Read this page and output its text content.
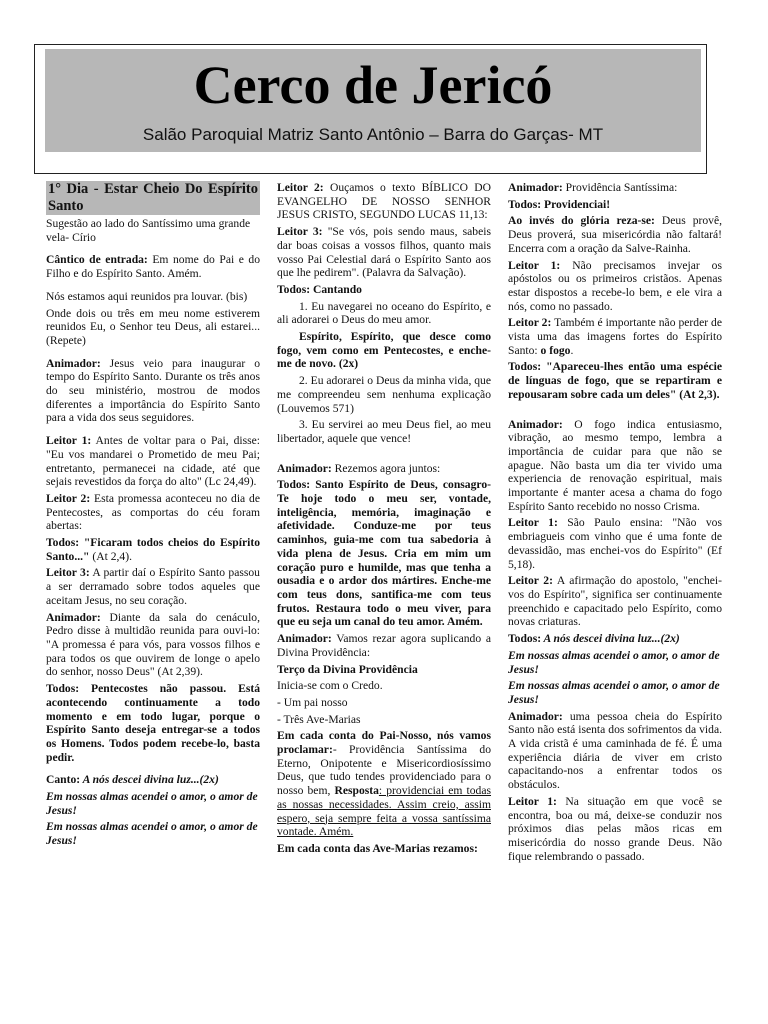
Cerco de Jericó
Salão Paroquial Matriz Santo Antônio – Barra do Garças- MT

1° Dia - Estar Cheio Do Espírito Santo

Sugestão ao lado do Santíssimo uma grande vela- Círio

Cântico de entrada: Em nome do Pai e do Filho e do Espírito Santo. Amém.

Nós estamos aqui reunidos pra louvar. (bis)

Onde dois ou três em meu nome estiverem reunidos Eu, o Senhor teu Deus, ali estarei... (Repete)

Animador: Jesus veio para inaugurar o tempo do Espírito Santo. Durante os três anos do seu ministério, mostrou de modos diferentes a importância do Espírito Santo para a vida dos seus seguidores.

Leitor 1: Antes de voltar para o Pai, disse: "Eu vos mandarei o Prometido de meu Pai; entretanto, permanecei na cidade, até que sejais revestidos da força do alto" (Lc 24,49).

Leitor 2: Esta promessa aconteceu no dia de Pentecostes, as comportas do céu foram abertas:

Todos: "Ficaram todos cheios do Espírito Santo..." (At 2,4).

Leitor 3: A partir daí o Espírito Santo passou a ser derramado sobre todos aqueles que aceitam Jesus, no seu coração.

Animador: Diante da sala do cenáculo, Pedro disse à multidão reunida para ouvi-lo: "A promessa é para vós, para vossos filhos e para todos os que ouvirem de longe o apelo do senhor, nosso Deus" (At 2,39).

Todos: Pentecostes não passou. Está acontecendo continuamente a todo momento e em todo lugar, porque o Espírito Santo deseja entregar-se a todos os Homens. Todos podem recebe-lo, basta pedir.

Canto: A nós descei divina luz...(2x)

Em nossas almas acendei o amor, o amor de Jesus!

Em nossas almas acendei o amor, o amor de Jesus!

Leitor 2: Ouçamos o texto BÍBLICO DO EVANGELHO DE NOSSO SENHOR JESUS CRISTO, SEGUNDO LUCAS 11,13:

Leitor 3: "Se vós, pois sendo maus, sabeis dar boas coisas a vossos filhos, quanto mais vosso Pai Celestial dará o Espírito Santo aos que lhe pedirem". (Palavra da Salvação).

Todos: Cantando

1. Eu navegarei no oceano do Espírito, e ali adorarei o Deus do meu amor.

Espírito, Espírito, que desce como fogo, vem como em Pentecostes, e enche-me de novo. (2x)

2. Eu adorarei o Deus da minha vida, que me compreendeu sem nenhuma explicação (Louvemos 571)

3. Eu servirei ao meu Deus fiel, ao meu libertador, aquele que vence!

Animador: Rezemos agora juntos:

Todos: Santo Espírito de Deus, consagro-Te hoje todo o meu ser, vontade, inteligência, memória, imaginação e afetividade. Conduze-me por teus caminhos, guia-me com tua sabedoria à vida plena de Jesus. Cria em mim um coração puro e humilde, mas que tenha a ousadia e o ardor dos mártires. Enche-me com teus dons, santifica-me com teus frutos. Restaura todo o meu viver, para que eu seja um canal do teu amor. Amém.

Animador: Vamos rezar agora suplicando a Divina Providência:

Terço da Divina Providência

Inicia-se com o Credo.

- Um pai nosso

- Três Ave-Marias

Em cada conta do Pai-Nosso, nós vamos proclamar:- Providência Santíssima do Eterno, Onipotente e Misericordiosíssimo Deus, que tudo tendes providenciado para o nosso bem, Resposta: providenciai em todas as nossas necessidades. Assim creio, assim espero, seja sempre feita a vossa santíssima vontade. Amém.

Em cada conta das Ave-Marias rezamos:

Animador: Providência Santíssima:

Todos: Providenciai!

Ao invés do glória reza-se: Deus provê, Deus proverá, sua misericórdia não faltará! Encerra com a oração da Salve-Rainha.

Leitor 1: Não precisamos invejar os apóstolos ou os primeiros cristãos. Apenas estar dispostos a recebe-lo bem, e ele vira a nós, como no passado.

Leitor 2: Também é importante não perder de vista uma das imagens fortes do Espírito Santo: o fogo.

Todos: "Apareceu-lhes então uma espécie de línguas de fogo, que se repartiram e repousaram sobre cada um deles" (At 2,3).

Animador: O fogo indica entusiasmo, vibração, ao mesmo tempo, lembra a importância de cuidar para que não se apague. Não basta um dia ter vivido uma experiencia de renovação espiritual, mais importante é manter acesa a chama do fogo Espírito Santo recebido no nosso Crisma.

Leitor 1: São Paulo ensina: "Não vos embriagueis com vinho que é uma fonte de devassidão, mas enchei-vos do Espírito" (Ef 5,18).

Leitor 2: A afirmação do apostolo, "enchei-vos do Espírito", significa ser continuamente preenchido e capacitado pelo Espírito, como novas criaturas.

Todos: A nós descei divina luz...(2x)

Em nossas almas acendei o amor, o amor de Jesus!

Em nossas almas acendei o amor, o amor de Jesus!

Animador: uma pessoa cheia do Espírito Santo não está isenta dos sofrimentos da vida. A vida cristã é uma caminhada de fé. É uma experiência diária de viver em cristo capacitando-nos a enfrentar todos os obstáculos.

Leitor 1: Na situação em que você se encontra, boa ou má, deixe-se conduzir nos próximos dias pelas mãos ricas em misericórdia do nosso grande Deus. Não fique relembrando o passado.
